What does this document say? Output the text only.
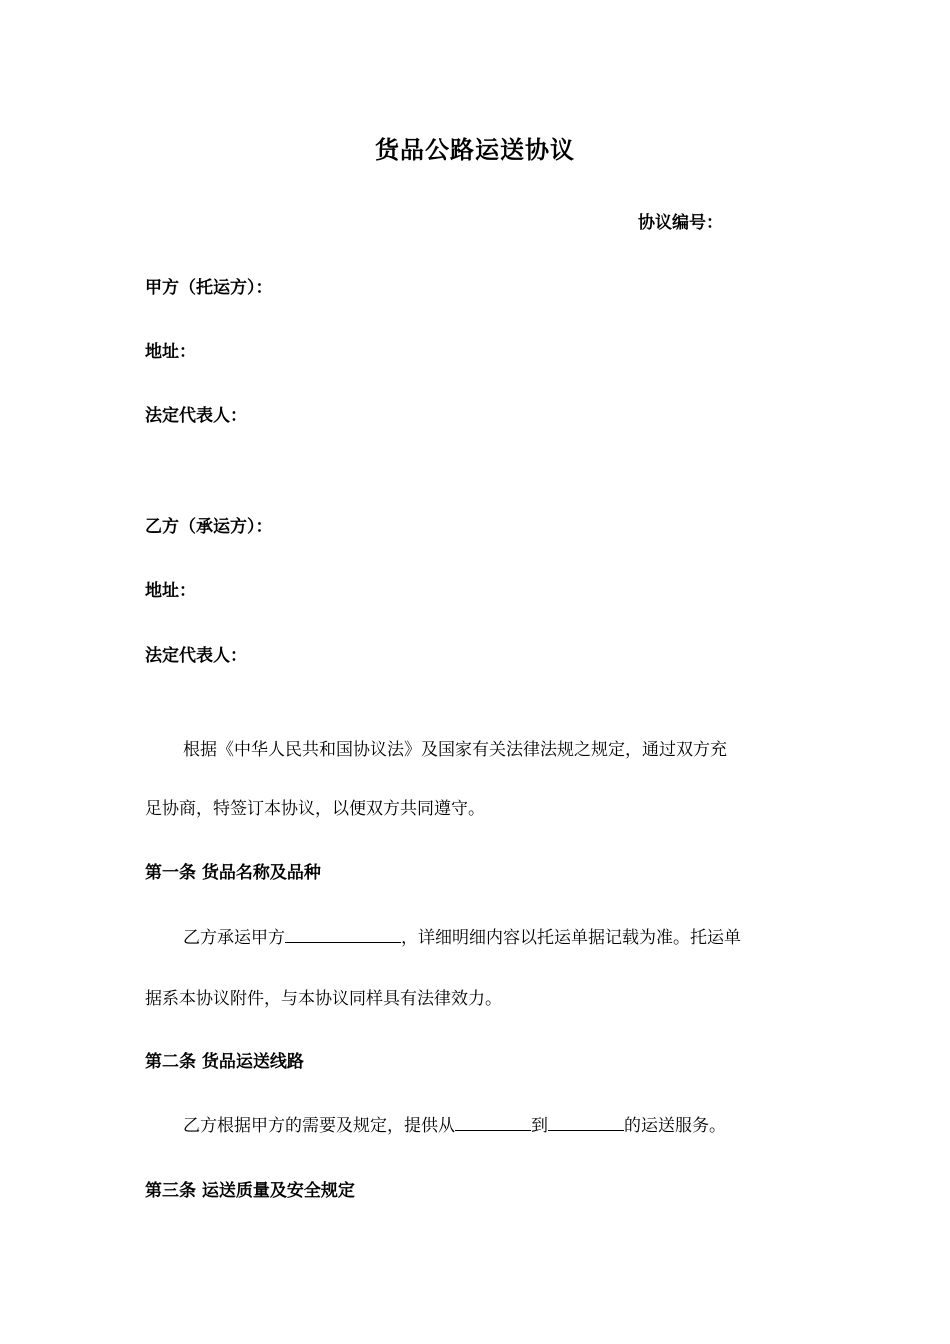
货品公路运送协议
协议编号：
甲方（托运方）：
地址：
法定代表人：
乙方（承运方）：
地址：
法定代表人：
根据《中华人民共和国协议法》及国家有关法律法规之规定，通过双方充
足协商，特签订本协议，以便双方共同遵守。
第一条 货品名称及品种
乙方承运甲方	，详细明细内容以托运单据记载为准。托运单
据系本协议附件，与本协议同样具有法律效力。
第二条 货品运送线路
乙方根据甲方的需要及规定，提供从	到	的运送服务。
第三条 运送质量及安全规定
